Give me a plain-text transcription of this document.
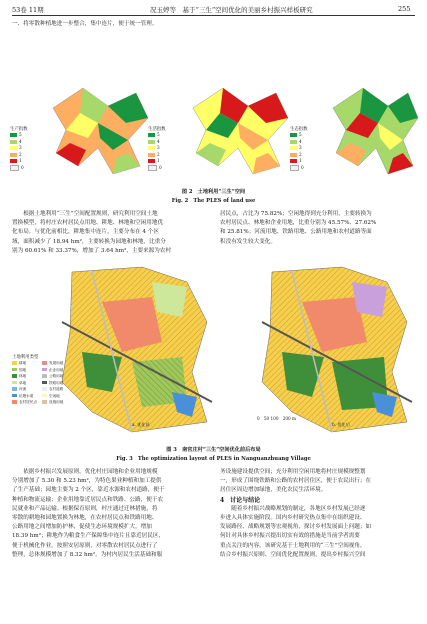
53卷 11期	况玉婷等　基于“三生”空间优化的美丽乡村振兴样板研究	255
一、将零散种植地进一步整合，集中连片，便于统一管理。
生产指数
5
4
3
2
1
0
生活指数
5
4
3
2
1
0
生态指数
5
4
3
2
1
0
图 2　土地利用“三生”空间
Fig. 2　The PLES of land use
　　根据土地利用“三生”空间配置规则，研究利用空间土地
置换模型，将村庄农村居民点用地、耕地、林地和空闲用地优
化布局。与优化前相比，耕地集中连片，主要分布在 4 个区
域，面积减少了 18.94 hm²，主要转换为园地和林地，比重分
别为 60.61% 和 33.37%，增加了 3.64 hm²，主要来源为农村
居民点，占比为 75.82%；空闲地得到充分利用，主要转换为
农村居民点、林地和企业用地，比重分别为 45.57%、27.62%
和 25.81%；河流用地、铁路用地、公路用地和农村道路等面
积没有发生较大变化。
土地利用类型
耕地	发展用地园地	企业用地林地	公路用地草地	铁路用地河流	农村道路坑塘水面	空闲地农村居民点	设施用地
a. 优化前	b. 优化后
0　50 100　200 m
图 3　南官庄村“三生”空间优化前后布局
Fig. 3　The optimization layout of PLES in Nanguanzhuang Village
　　依据乡村振兴发展原则，优化村庄园地和企业用地规模
分别增加了 5.30 和 5.23 hm²，为特色果业种植和加工提供
了生产基础；园地主要为 2 个区，靠近水源和农村道路，便于
种植和物流运输；企业用地靠近居民点和铁路、公路，便于农
民就业和产品运输。根据保育原则，村庄通过迁林措施，将
零散的耕地和园地置换为林地，在农村居民点和铁路用地、
公路用地之间增加防护林，促使生态环境规模扩大，增加
18.39 hm²；耕地作为粮食生产保障集中连片且靠近居民区，
便于机械化作业。按照安居原则，对零散农村居民点进行了
整理，总体规模增加了 8.32 hm²，为村内居民生活基础和服
务设施建设提供空间；充分利用空闲用地将村庄规模规整划
一，形成了围绕铁路和公路的农村居住区，便于农民出行；在
居住区周边增加绿地，美化农民生活环境。
4　讨论与结论
　　随着乡村振兴战略规划的制定，各地区乡村发展已经逐
步进入具体实施阶段。国内乡村研究热点集中在组织建设、
发展路径、战略规划等宏观视角，探讨乡村发展面上问题；如
何针对具体乡村振兴提出切实有效的措施是当前学者需要
重点关注的内容。该研究基于土地利用的“三生”空间视角，
结合乡村振兴原则、空间优化配置规则，提出乡村振兴空间
